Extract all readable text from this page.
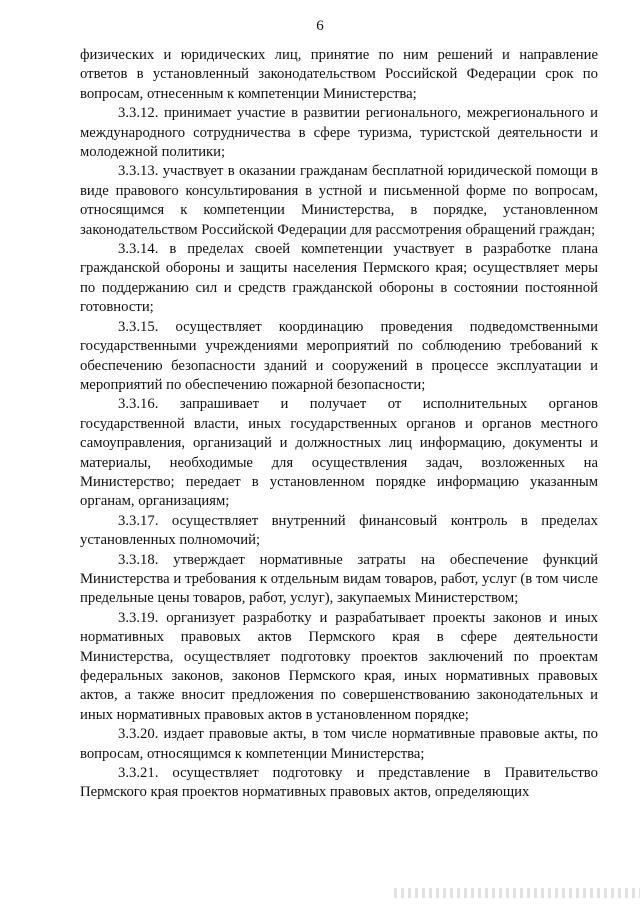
6

физических и юридических лиц, принятие по ним решений и направление ответов в установленный законодательством Российской Федерации срок по вопросам, отнесенным к компетенции Министерства;

3.3.12. принимает участие в развитии регионального, межрегионального и международного сотрудничества в сфере туризма, туристской деятельности и молодежной политики;

3.3.13. участвует в оказании гражданам бесплатной юридической помощи в виде правового консультирования в устной и письменной форме по вопросам, относящимся к компетенции Министерства, в порядке, установленном законодательством Российской Федерации для рассмотрения обращений граждан;

3.3.14. в пределах своей компетенции участвует в разработке плана гражданской обороны и защиты населения Пермского края; осуществляет меры по поддержанию сил и средств гражданской обороны в состоянии постоянной готовности;

3.3.15. осуществляет координацию проведения подведомственными государственными учреждениями мероприятий по соблюдению требований к обеспечению безопасности зданий и сооружений в процессе эксплуатации и мероприятий по обеспечению пожарной безопасности;

3.3.16. запрашивает и получает от исполнительных органов государственной власти, иных государственных органов и органов местного самоуправления, организаций и должностных лиц информацию, документы и материалы, необходимые для осуществления задач, возложенных на Министерство; передает в установленном порядке информацию указанным органам, организациям;

3.3.17. осуществляет внутренний финансовый контроль в пределах установленных полномочий;

3.3.18. утверждает нормативные затраты на обеспечение функций Министерства и требования к отдельным видам товаров, работ, услуг (в том числе предельные цены товаров, работ, услуг), закупаемых Министерством;

3.3.19. организует разработку и разрабатывает проекты законов и иных нормативных правовых актов Пермского края в сфере деятельности Министерства, осуществляет подготовку проектов заключений по проектам федеральных законов, законов Пермского края, иных нормативных правовых актов, а также вносит предложения по совершенствованию законодательных и иных нормативных правовых актов в установленном порядке;

3.3.20. издает правовые акты, в том числе нормативные правовые акты, по вопросам, относящимся к компетенции Министерства;

3.3.21. осуществляет подготовку и представление в Правительство Пермского края проектов нормативных правовых актов, определяющих
